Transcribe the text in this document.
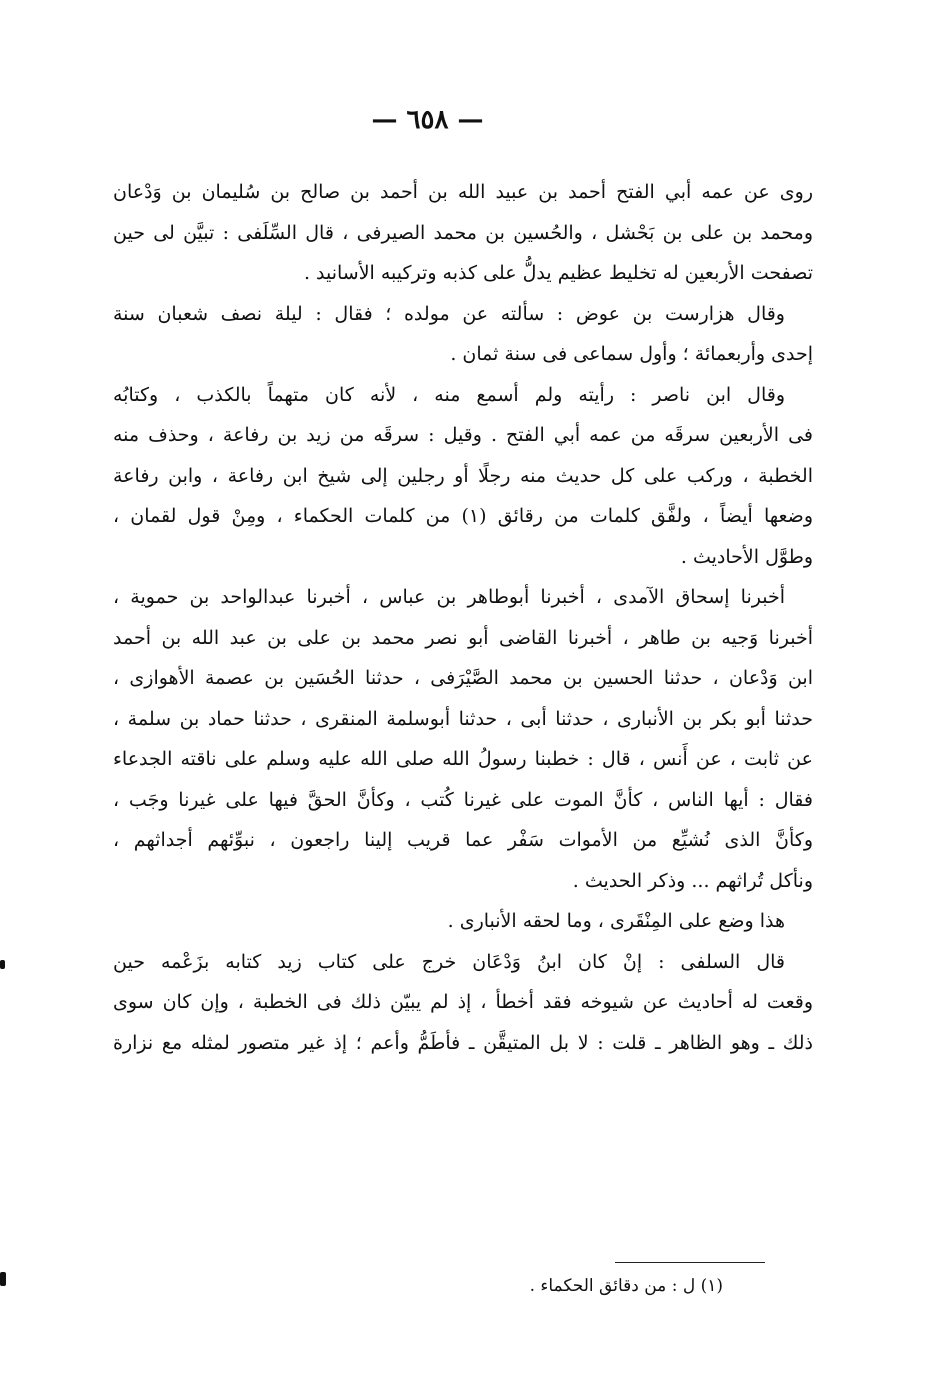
— ٦٥٨ —
روى عن عمه أبي الفتح أحمد بن عبيد الله بن أحمد بن صالح بن سُليمان بن وَدْعان
ومحمد بن على بن بَحْشل ، والحُسين بن محمد الصيرفى ، قال السِّلَفى : تبيَّن لى حين
تصفحت الأربعين له تخليط عظيم يدلُّ على كذبه وتركيبه الأسانيد .
وقال هزارست بن عوض : سألته عن مولده ؛ فقال : ليلة نصف شعبان سنة
إحدى وأربعمائة ؛ وأول سماعى فى سنة ثمان .
وقال ابن ناصر : رأيته ولم أسمع منه ، لأنه كان متهماً بالكذب ، وكتابُه
فى الأربعين سرقَه من عمه أبي الفتح . وقيل : سرقَه من زيد بن رفاعة ، وحذف منه
الخطبة ، وركب على كل حديث منه رجلًا أو رجلين إلى شيخ ابن رفاعة ، وابن رفاعة
وضعها أيضاً ، ولفَّق كلمات من رقائق (١) من كلمات الحكماء ، ومِنْ قول لقمان ،
وطوَّل الأحاديث .
أخبرنا إسحاق الآمدى ، أخبرنا أبوطاهر بن عباس ، أخبرنا عبدالواحد بن حموية ،
أخبرنا وَجيه بن طاهر ، أخبرنا القاضى أبو نصر محمد بن على بن عبد الله بن أحمد
ابن وَدْعان ، حدثنا الحسين بن محمد الصَّيْرَفى ، حدثنا الحُسَين بن عصمة الأهوازى ،
حدثنا أبو بكر بن الأنبارى ، حدثنا أبى ، حدثنا أبوسلمة المنقرى ، حدثنا حماد بن سلمة ،
عن ثابت ، عن أَنس ، قال : خطبنا رسولُ الله صلى الله عليه وسلم على ناقته الجدعاء
فقال : أيها الناس ، كأنَّ الموت على غيرنا كُتب ، وكأنَّ الحقَّ فيها على غيرنا وجَب ،
وكأنَّ الذى نُشيِّع من الأموات سَفْر عما قريب إلينا راجعون ، نبوِّئهم أجداثهم ،
ونأكل تُراثهم ... وذكر الحديث .
هذا وضع على المِنْقَرى ، وما لحقه الأنبارى .
قال السلفى : إنْ كان ابنُ وَدْعَان خرج على كتاب زيد كتابه بزَعْمه حين
وقعت له أحاديث عن شيوخه فقد أخطأ ، إذ لم يبيّن ذلك فى الخطبة ، وإن كان سوى
ذلك ـ وهو الظاهر ـ قلت : لا بل المتيقَّن ـ فأطَمُّ وأعم ؛ إذ غير متصور لمثله مع نزارة
(١) ل : من دقائق الحكماء .
